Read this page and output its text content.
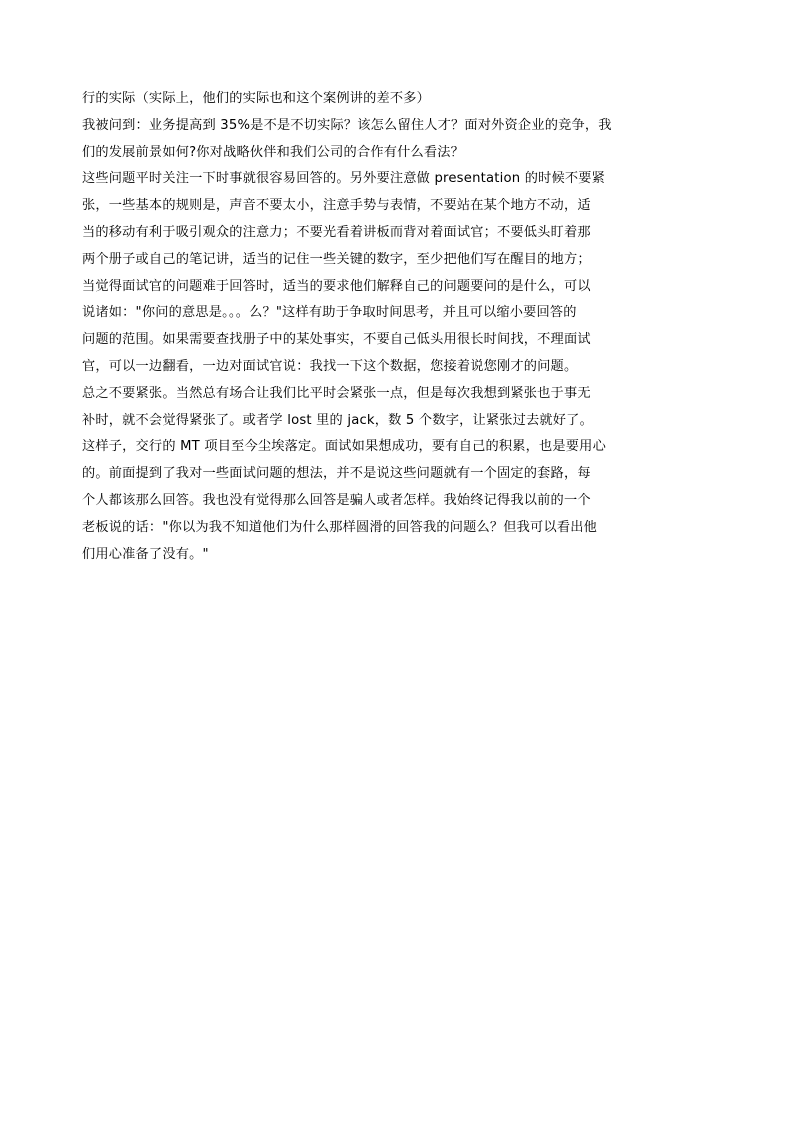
行的实际（实际上，他们的实际也和这个案例讲的差不多）
我被问到：业务提高到 35%是不是不切实际？该怎么留住人才？面对外资企业的竞争，我
们的发展前景如何?你对战略伙伴和我们公司的合作有什么看法？
这些问题平时关注一下时事就很容易回答的。另外要注意做 presentation 的时候不要紧
张，一些基本的规则是，声音不要太小，注意手势与表情，不要站在某个地方不动，适
当的移动有利于吸引观众的注意力；不要光看着讲板而背对着面试官；不要低头盯着那
两个册子或自己的笔记讲，适当的记住一些关键的数字，至少把他们写在醒目的地方；
当觉得面试官的问题难于回答时，适当的要求他们解释自己的问题要问的是什么，可以
说诸如："你问的意思是。。。么？"这样有助于争取时间思考，并且可以缩小要回答的
问题的范围。如果需要查找册子中的某处事实，不要自己低头用很长时间找，不理面试
官，可以一边翻看，一边对面试官说：我找一下这个数据，您接着说您刚才的问题。
总之不要紧张。当然总有场合让我们比平时会紧张一点，但是每次我想到紧张也于事无
补时，就不会觉得紧张了。或者学 lost 里的 jack，数 5 个数字，让紧张过去就好了。
这样子，交行的 MT 项目至今尘埃落定。面试如果想成功，要有自己的积累，也是要用心
的。前面提到了我对一些面试问题的想法，并不是说这些问题就有一个固定的套路，每
个人都该那么回答。我也没有觉得那么回答是骗人或者怎样。我始终记得我以前的一个
老板说的话："你以为我不知道他们为什么那样圆滑的回答我的问题么？但我可以看出他
们用心准备了没有。"
